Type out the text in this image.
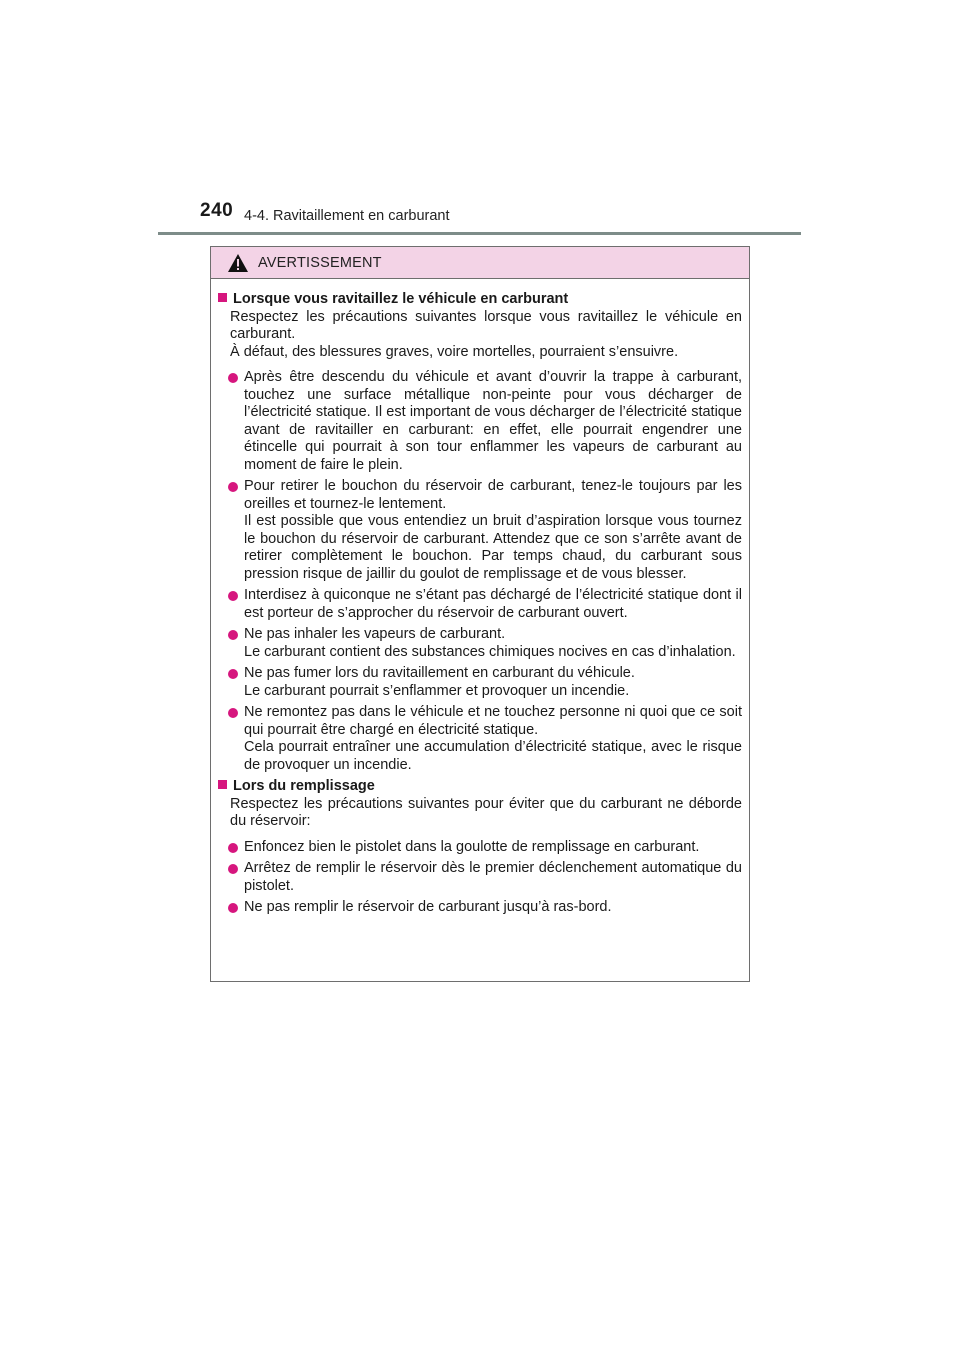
240 4-4. Ravitaillement en carburant
AVERTISSEMENT
Lorsque vous ravitaillez le véhicule en carburant
Respectez les précautions suivantes lorsque vous ravitaillez le véhicule en carburant.
À défaut, des blessures graves, voire mortelles, pourraient s’ensuivre.
Après être descendu du véhicule et avant d’ouvrir la trappe à carburant, touchez une surface métallique non-peinte pour vous décharger de l’électricité statique. Il est important de vous décharger de l’électricité statique avant de ravitailler en carburant: en effet, elle pourrait engendrer une étincelle qui pourrait à son tour enflammer les vapeurs de carburant au moment de faire le plein.
Pour retirer le bouchon du réservoir de carburant, tenez-le toujours par les oreilles et tournez-le lentement.
Il est possible que vous entendiez un bruit d’aspiration lorsque vous tournez le bouchon du réservoir de carburant. Attendez que ce son s’arrête avant de retirer complètement le bouchon. Par temps chaud, du carburant sous pression risque de jaillir du goulot de remplissage et de vous blesser.
Interdisez à quiconque ne s’étant pas déchargé de l’électricité statique dont il est porteur de s’approcher du réservoir de carburant ouvert.
Ne pas inhaler les vapeurs de carburant.
Le carburant contient des substances chimiques nocives en cas d’inhalation.
Ne pas fumer lors du ravitaillement en carburant du véhicule.
Le carburant pourrait s’enflammer et provoquer un incendie.
Ne remontez pas dans le véhicule et ne touchez personne ni quoi que ce soit qui pourrait être chargé en électricité statique.
Cela pourrait entraîner une accumulation d’électricité statique, avec le risque de provoquer un incendie.
Lors du remplissage
Respectez les précautions suivantes pour éviter que du carburant ne déborde du réservoir:
Enfoncez bien le pistolet dans la goulotte de remplissage en carburant.
Arrêtez de remplir le réservoir dès le premier déclenchement automatique du pistolet.
Ne pas remplir le réservoir de carburant jusqu’à ras-bord.
